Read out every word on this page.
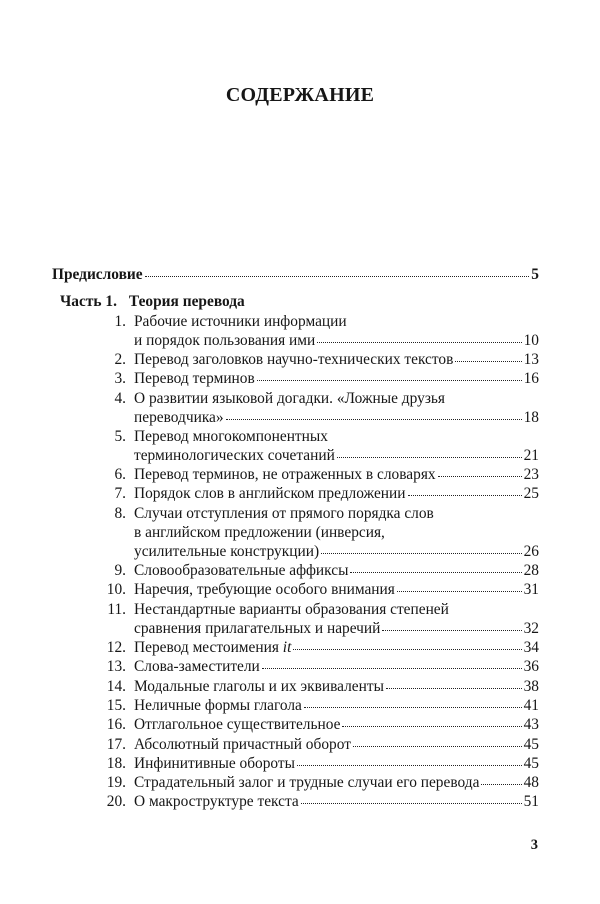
СОДЕРЖАНИЕ
Предисловие	5
Часть 1. Теория перевода
1. Рабочие источники информации
и порядок пользования ими	10
2. Перевод заголовков научно-технических текстов	13
3. Перевод терминов	16
4. О развитии языковой догадки. «Ложные друзья
переводчика»	18
5. Перевод многокомпонентных
терминологических сочетаний	21
6. Перевод терминов, не отраженных в словарях	23
7. Порядок слов в английском предложении	25
8. Случаи отступления от прямого порядка слов
в английском предложении (инверсия,
усилительные конструкции)	26
9. Словообразовательные аффиксы	28
10. Наречия, требующие особого внимания	31
11. Нестандартные варианты образования степеней
сравнения прилагательных и наречий	32
12. Перевод местоимения it	34
13. Слова-заместители	36
14. Модальные глаголы и их эквиваленты	38
15. Неличные формы глагола	41
16. Отглагольное существительное	43
17. Абсолютный причастный оборот	45
18. Инфинитивные обороты	45
19. Страдательный залог и трудные случаи его перевода	48
20. О макроструктуре текста	51
3
